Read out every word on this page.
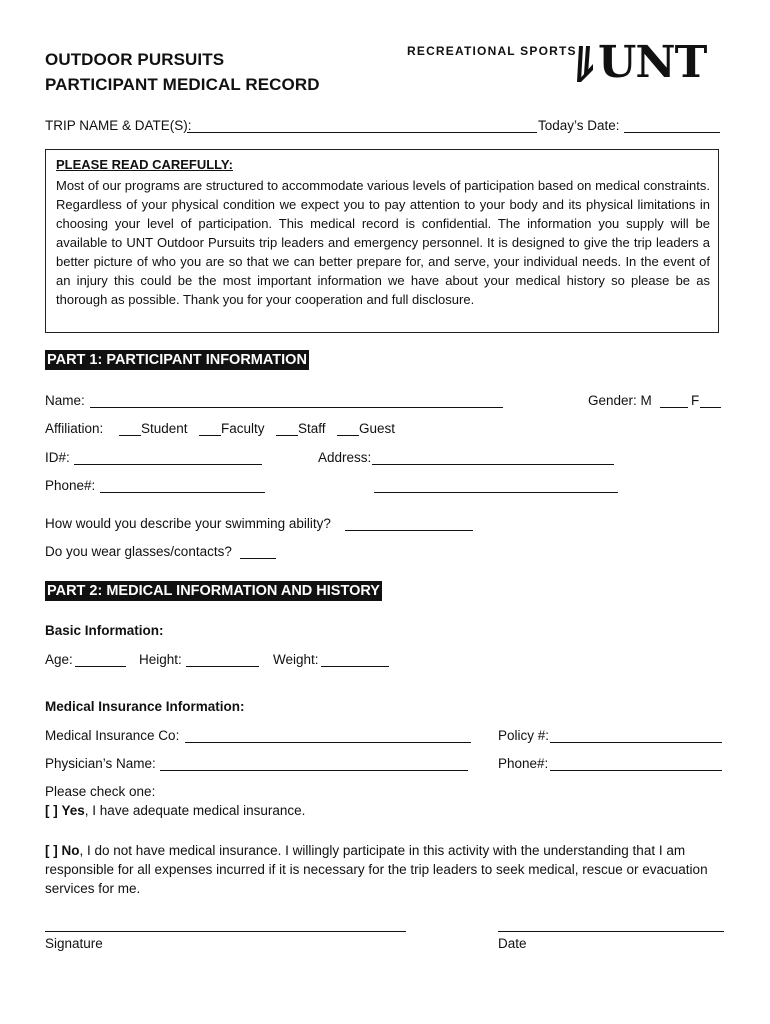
OUTDOOR PURSUITS
PARTICIPANT MEDICAL RECORD
RECREATIONAL SPORTS UNT
TRIP NAME & DATE(S):	Today’s Date:
PLEASE READ CAREFULLY:
Most of our programs are structured to accommodate various levels of participation based on medical constraints. Regardless of your physical condition we expect you to pay attention to your body and its physical limitations in choosing your level of participation. This medical record is confidential. The information you supply will be available to UNT Outdoor Pursuits trip leaders and emergency personnel. It is designed to give the trip leaders a better picture of who you are so that we can better prepare for, and serve, your individual needs. In the event of an injury this could be the most important information we have about your medical history so please be as thorough as possible. Thank you for your cooperation and full disclosure.
PART 1: PARTICIPANT INFORMATION
Name:	Gender: M	F
Affiliation:	Student Faculty Staff Guest
ID#:	Address:
Phone#:
How would you describe your swimming ability?
Do you wear glasses/contacts?
PART 2: MEDICAL INFORMATION AND HISTORY
Basic Information:
Age:	Height:	Weight:
Medical Insurance Information:
Medical Insurance Co:	Policy #:
Physician’s Name:	Phone#:
Please check one:
[ ] Yes, I have adequate medical insurance.
[ ] No, I do not have medical insurance. I willingly participate in this activity with the understanding that I am responsible for all expenses incurred if it is necessary for the trip leaders to seek medical, rescue or evacuation services for me.
Signature	Date
